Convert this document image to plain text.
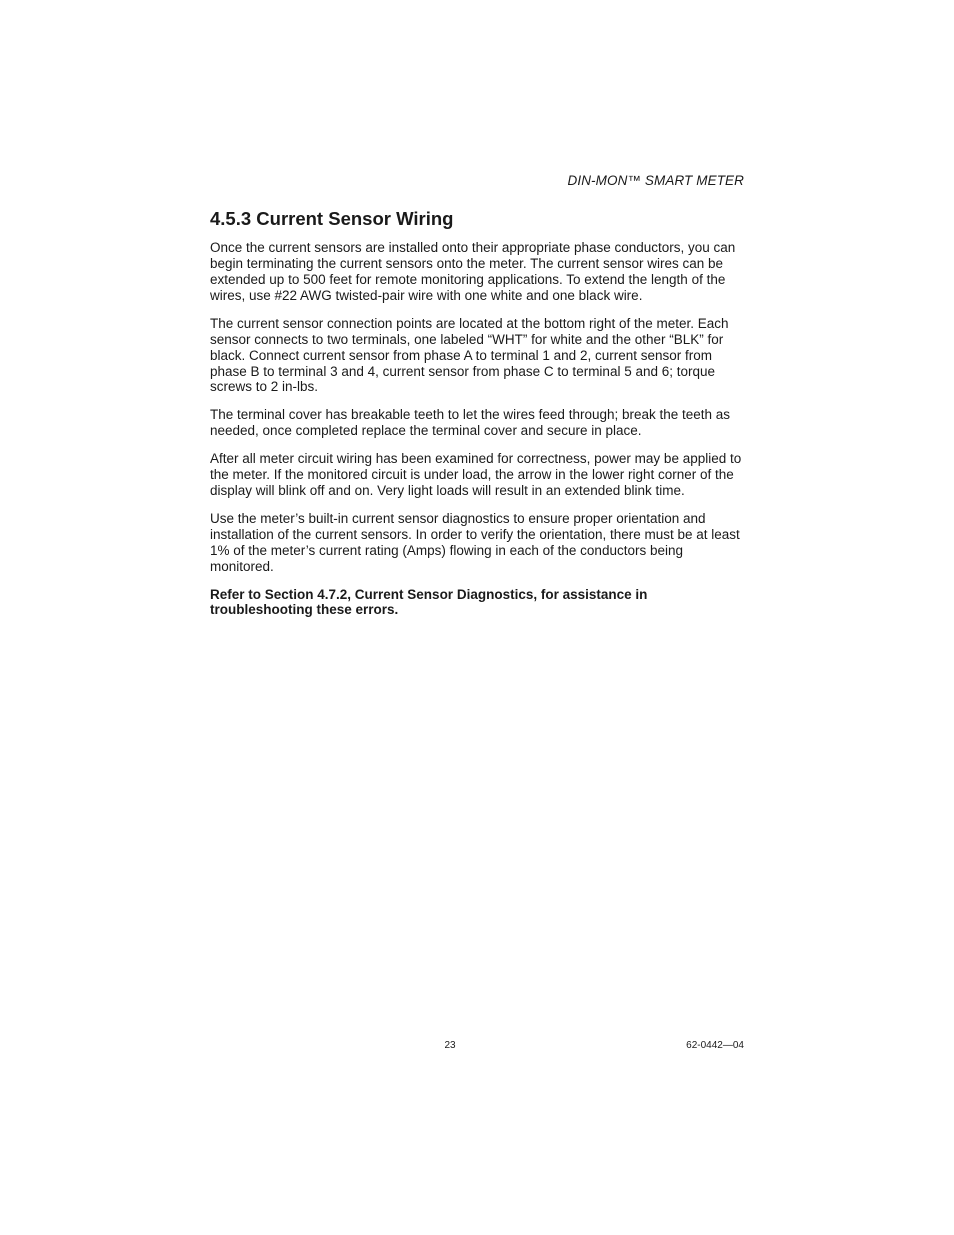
DIN-MON™ SMART METER
4.5.3 Current Sensor Wiring

Once the current sensors are installed onto their appropriate phase conductors, you can begin terminating the current sensors onto the meter. The current sensor wires can be extended up to 500 feet for remote monitoring applications. To extend the length of the wires, use #22 AWG twisted-pair wire with one white and one black wire.

The current sensor connection points are located at the bottom right of the meter. Each sensor connects to two terminals, one labeled “WHT” for white and the other “BLK” for black. Connect current sensor from phase A to terminal 1 and 2, current sensor from phase B to terminal 3 and 4, current sensor from phase C to terminal 5 and 6; torque screws to 2 in-lbs.

The terminal cover has breakable teeth to let the wires feed through; break the teeth as needed, once completed replace the terminal cover and secure in place.

After all meter circuit wiring has been examined for correctness, power may be applied to the meter. If the monitored circuit is under load, the arrow in the lower right corner of the display will blink off and on. Very light loads will result in an extended blink time.

Use the meter’s built-in current sensor diagnostics to ensure proper orientation and installation of the current sensors. In order to verify the orientation, there must be at least 1% of the meter’s current rating (Amps) flowing in each of the conductors being monitored.

Refer to Section 4.7.2, Current Sensor Diagnostics, for assistance in troubleshooting these errors.

23	62-0442—04
